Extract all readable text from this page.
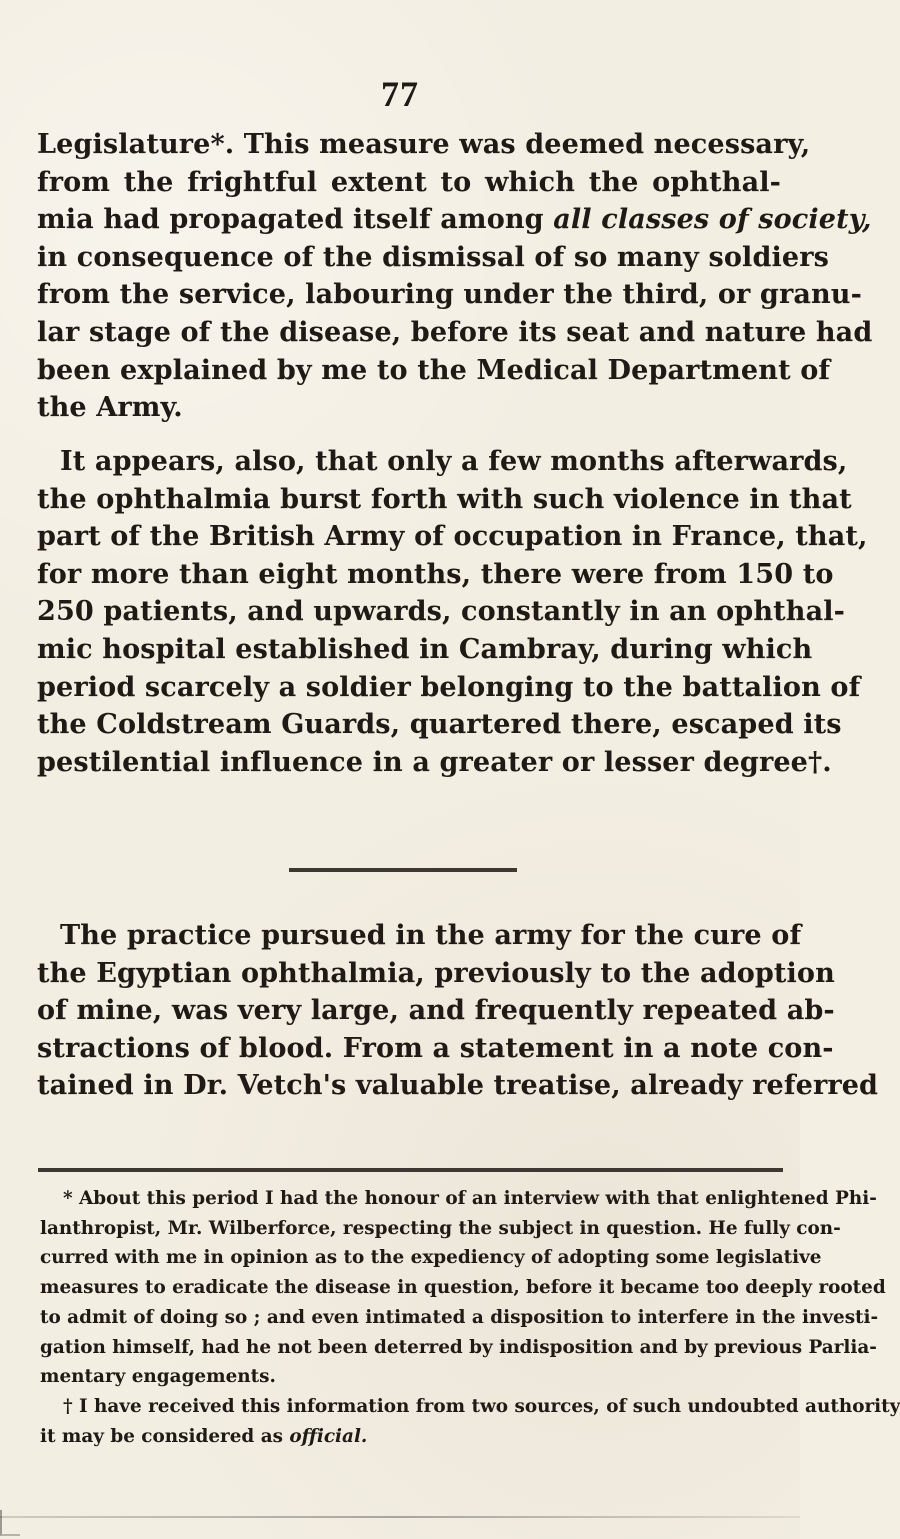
77
Legislature*. This measure was deemed necessary,
from the frightful extent to which the ophthal-
mia had propagated itself among all classes of society,
in consequence of the dismissal of so many soldiers
from the service, labouring under the third, or granu-
lar stage of the disease, before its seat and nature had
been explained by me to the Medical Department of
the Army.
It appears, also, that only a few months afterwards,
the ophthalmia burst forth with such violence in that
part of the British Army of occupation in France, that,
for more than eight months, there were from 150 to
250 patients, and upwards, constantly in an ophthal-
mic hospital established in Cambray, during which
period scarcely a soldier belonging to the battalion of
the Coldstream Guards, quartered there, escaped its
pestilential influence in a greater or lesser degree†.
The practice pursued in the army for the cure of
the Egyptian ophthalmia, previously to the adoption
of mine, was very large, and frequently repeated ab-
stractions of blood. From a statement in a note con-
tained in Dr. Vetch's valuable treatise, already referred
* About this period I had the honour of an interview with that enlightened Phi-
lanthropist, Mr. Wilberforce, respecting the subject in question. He fully con-
curred with me in opinion as to the expediency of adopting some legislative
measures to eradicate the disease in question, before it became too deeply rooted
to admit of doing so ; and even intimated a disposition to interfere in the investi-
gation himself, had he not been deterred by indisposition and by previous Parlia-
mentary engagements.
† I have received this information from two sources, of such undoubted authority
it may be considered as official.
